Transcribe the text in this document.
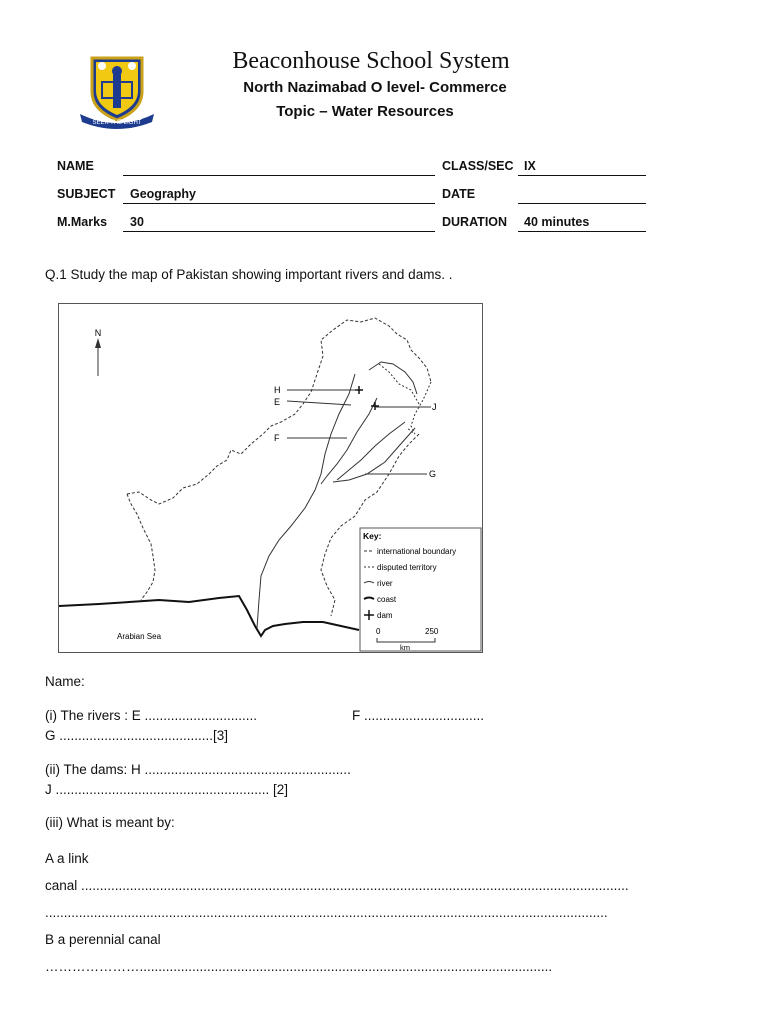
SEEK THE LIGHT
Beaconhouse School System
North Nazimabad O level- Commerce
Topic – Water Resources
NAME	CLASS/SEC IX
SUBJECT Geography	DATE
M.Marks 30	DURATION 40 minutes
Q.1 Study the map of Pakistan showing important rivers and dams. .
N
H
E
F
J
G
Arabian Sea
Key:
international boundary
disputed territory
river
coast
dam
0	250
km
Name:
(i) The rivers : E ..............................	F ................................
G .........................................[3]
(ii) The dams: H .......................................................
J ......................................................... [2]
(iii) What is meant by:
A a link
canal ..................................................................................................................................................
......................................................................................................................................................
B a perennial canal
…………………..............................................................................................................
